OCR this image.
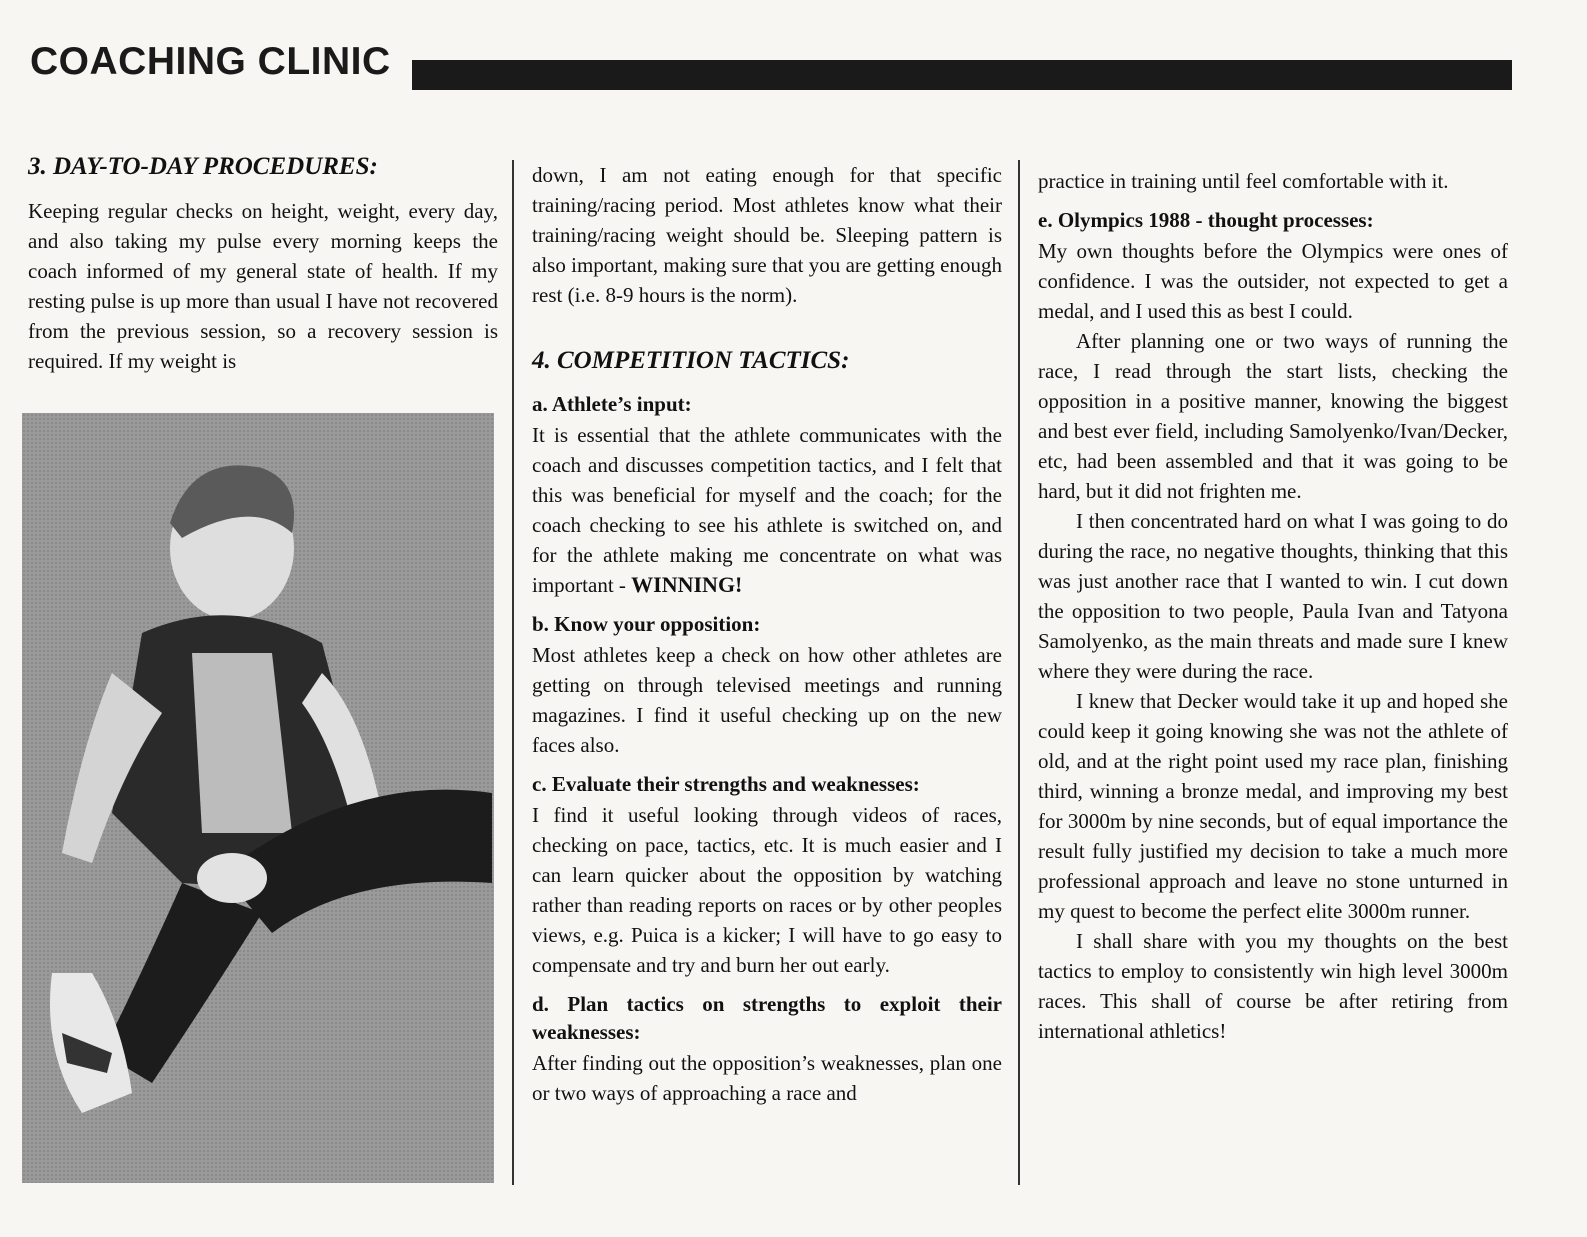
COACHING CLINIC
3. DAY-TO-DAY PROCEDURES:

Keeping regular checks on height, weight, every day, and also taking my pulse every morning keeps the coach informed of my general state of health. If my resting pulse is up more than usual I have not recovered from the previous session, so a recovery session is required. If my weight is

down, I am not eating enough for that specific training/racing period. Most athletes know what their training/racing weight should be. Sleeping pattern is also important, making sure that you are getting enough rest (i.e. 8-9 hours is the norm).

4. COMPETITION TACTICS:
a. Athlete’s input:

It is essential that the athlete communicates with the coach and discusses competition tactics, and I felt that this was beneficial for myself and the coach; for the coach checking to see his athlete is switched on, and for the athlete making me concentrate on what was important - WINNING!

b. Know your opposition:

Most athletes keep a check on how other athletes are getting on through televised meetings and running magazines. I find it useful checking up on the new faces also.

c. Evaluate their strengths and weaknesses:

I find it useful looking through videos of races, checking on pace, tactics, etc. It is much easier and I can learn quicker about the opposition by watching rather than reading reports on races or by other peoples views, e.g. Puica is a kicker; I will have to go easy to compensate and try and burn her out early.

d. Plan tactics on strengths to exploit their weaknesses:

After finding out the opposition’s weaknesses, plan one or two ways of approaching a race and

practice in training until feel comfortable with it.

e. Olympics 1988 - thought processes:

My own thoughts before the Olympics were ones of confidence. I was the outsider, not expected to get a medal, and I used this as best I could.

After planning one or two ways of running the race, I read through the start lists, checking the opposition in a positive manner, knowing the biggest and best ever field, including Samolyenko/Ivan/Decker, etc, had been assembled and that it was going to be hard, but it did not frighten me.

I then concentrated hard on what I was going to do during the race, no negative thoughts, thinking that this was just another race that I wanted to win. I cut down the opposition to two people, Paula Ivan and Tatyona Samolyenko, as the main threats and made sure I knew where they were during the race.

I knew that Decker would take it up and hoped she could keep it going knowing she was not the athlete of old, and at the right point used my race plan, finishing third, winning a bronze medal, and improving my best for 3000m by nine seconds, but of equal importance the result fully justified my decision to take a much more professional approach and leave no stone unturned in my quest to become the perfect elite 3000m runner.

I shall share with you my thoughts on the best tactics to employ to consistently win high level 3000m races. This shall of course be after retiring from international athletics!
